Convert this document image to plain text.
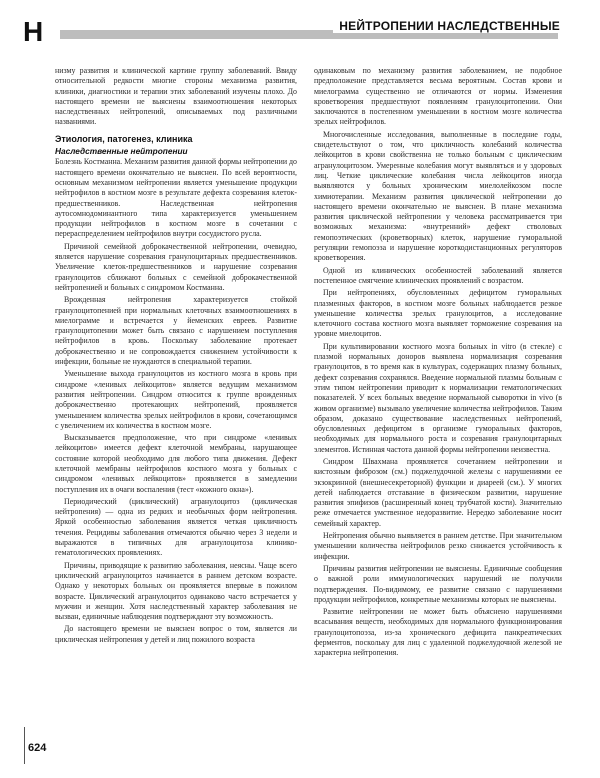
Н	НЕЙТРОПЕНИИ НАСЛЕДСТВЕННЫЕ

низму развития и клинической картине группу заболеваний. Ввиду относительной редкости многие стороны механизма развития, клиники, диагностики и терапии этих заболеваний изучены плохо. До настоящего времени не выяснены взаимоотношения некоторых наследственных нейтропений, описываемых под различными названиями.

Этиология, патогенез, клиника
Наследственные нейтропении

Болезнь Костманна. Механизм развития данной формы нейтропении до настоящего времени окончательно не выяснен. По всей вероятности, основным механизмом нейтропении является уменьшение продукции нейтрофилов в костном мозге в результате дефекта созревания клеток-предшественников. Наследственная нейтропения аутосомнодоминантного типа характеризуется уменьшением продукции нейтрофилов в костном мозге в сочетании с перераспределением нейтрофилов внутри сосудистого русла.

Причиной семейной доброкачественной нейтропении, очевидно, является нарушение созревания гранулоцитарных предшественников. Увеличение клеток-предшественников и нарушение созревания гранулоцитов сближают больных с семейной доброкачественной нейтропенией и больных с синдромом Костманна.

Врожденная нейтропения характеризуется стойкой гранулоцитопенией при нормальных клеточных взаимоотношениях в миелограмме и встречается у йеменских евреев. Развитие гранулоцитопении может быть связано с нарушением поступления нейтрофилов в кровь. Поскольку заболевание протекает доброкачественно и не сопровождается снижением устойчивости к инфекции, больные не нуждаются в специальной терапии.

Уменьшение выхода гранулоцитов из костного мозга в кровь при синдроме «ленивых лейкоцитов» является ведущим механизмом развития нейтропении. Синдром относится к группе врожденных доброкачественно протекающих нейтропений, проявляется уменьшением количества зрелых нейтрофилов в крови, сочетающимся с увеличением их количества в костном мозге.

Высказывается предположение, что при синдроме «ленивых лейкоцитов» имеется дефект клеточной мембраны, нарушающее состояние которой необходимо для любого типа движения. Дефект клеточной мембраны нейтрофилов костного мозга у больных с синдромом «ленивых лейкоцитов» проявляется в замедлении поступления их в очаги воспаления (тест «кожного окна»).

Периодический (циклический) агранулоцитоз (циклическая нейтропения) — одна из редких и необычных форм нейтропения. Яркой особенностью заболевания является четкая цикличность течения. Рецидивы заболевания отмечаются обычно через 3 недели и выражаются в типичных для агранулоцитоза клинико-гематологических проявлениях.

Причины, приводящие к развитию заболевания, неясны. Чаще всего циклический агранулоцитоз начинается в раннем детском возрасте. Однако у некоторых больных он проявляется впервые в пожилом возрасте. Циклический агранулоцитоз одинаково часто встречается у мужчин и женщин. Хотя наследственный характер заболевания не вызван, единичные наблюдения подтверждают эту возможность.

До настоящего времени не выяснен вопрос о том, является ли циклическая нейтропения у детей и лиц пожилого возраста

одинаковым по механизму развития заболеванием, не подобное предположение представляется весьма вероятным. Состав крови и миелограмма существенно не отличаются от нормы. Изменения кроветворения предшествуют появлениям гранулоцитопении. Они заключаются в постепенном уменьшении в костном мозге количества зрелых нейтрофилов.

Многочисленные исследования, выполненные в последние годы, свидетельствуют о том, что цикличность колебаний количества лейкоцитов в крови свойственна не только больным с циклическим агранулоцитозом. Умеренные колебания могут выявляться и у здоровых лиц. Четкие циклические колебания числа лейкоцитов иногда выявляются у больных хроническим миелолейкозом после химиотерапии. Механизм развития циклической нейтропении до настоящего времени окончательно не выяснен. В плане механизма развития циклической нейтропении у человека рассматривается три возможных механизма: «внутренний» дефект стволовых гемопоэтических (кроветворных) клеток, нарушение гуморальной регуляции гемопоэза и нарушение короткодистанционных регуляторов кроветворения.

Одной из клинических особенностей заболеваний является постепенное смягчение клинических проявлений с возрастом.

При нейтропениях, обусловленных дефицитом гуморальных плазменных факторов, в костном мозге больных наблюдается резкое уменьшение количества зрелых гранулоцитов, а исследование клеточного состава костного мозга выявляет торможение созревания на уровне миелоцитов.

При культивировании костного мозга больных in vitro (в стекле) с плазмой нормальных доноров выявлена нормализация созревания гранулоцитов, в то время как в культурах, содержащих плазму больных, дефект созревания сохранялся. Введение нормальной плазмы больным с этим типом нейтропении приводит к нормализации гематологических показателей. У всех больных введение нормальной сыворотки in vivo (в живом организме) вызывало увеличение количества нейтрофилов. Таким образом, доказано существование наследственных нейтропений, обусловленных дефицитом в организме гуморальных факторов, необходимых для нормального роста и созревания гранулоцитарных элементов. Истинная частота данной формы нейтропении неизвестна.

Синдром Швахмана проявляется сочетанием нейтропении и кистозным фиброзом (см.) поджелудочной железы с нарушениями ее экзокринной (внешнесекреторной) функции и диареей (см.). У многих детей наблюдается отставание в физическом развитии, нарушение развития эпифизов (расширенный конец трубчатой кости). Значительно реже отмечается умственное недоразвитие. Нередко заболевание носит семейный характер.

Нейтропения обычно выявляется в раннем детстве. При значительном уменьшении количества нейтрофилов резко снижается устойчивость к инфекции.

Причины развития нейтропении не выяснены. Единичные сообщения о важной роли иммунологических нарушений не получили подтверждения. По-видимому, ее развитие связано с нарушениями продукции нейтрофилов, конкретные механизмы которых не выяснены.

Развитие нейтропении не может быть объяснено нарушениями всасывания веществ, необходимых для нормального функционирования гранулоцитопоэза, из-за хронического дефицита панкреатических ферментов, поскольку для лиц с удаленной поджелудочной железой не характерна нейтропения.

624
